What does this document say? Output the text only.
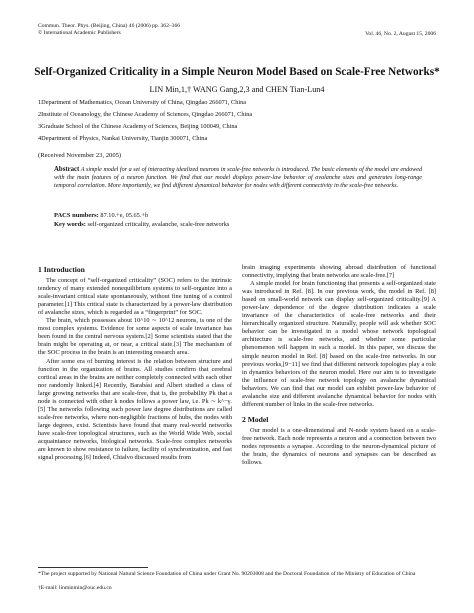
Commun. Theor. Phys. (Beijing, China) 46 (2006) pp. 362–366
© International Academic Publishers	Vol. 46, No. 2, August 15, 2006
Self-Organized Criticality in a Simple Neuron Model Based on Scale-Free Networks*
LIN Min,1,† WANG Gang,2,3 and CHEN Tian-Lun4
1Department of Mathematics, Ocean University of China, Qingdao 266071, China
2Institute of Oceanology, the Chinese Academy of Sciences, Qingdao 266071, China
3Graduate School of the Chinese Academy of Sciences, Beijing 100049, China
4Department of Physics, Nankai University, Tianjin 300071, China
(Received November 23, 2005)
Abstract A simple model for a set of interacting idealized neurons in scale-free networks is introduced. The basic elements of the model are endowed with the main features of a neuron function. We find that our model displays power-law behavior of avalanche sizes and generates long-range temporal correlation. More importantly, we find different dynamical behavior for nodes with different connectivity in the scale-free networks.
PACS numbers: 87.10.+e, 05.65.+b
Key words: self-organized criticality, avalanche, scale-free networks
1 Introduction

The concept of “self-organized criticality” (SOC) refers to the intrinsic tendency of many extended nonequilibrium systems to self-organize into a scale-invariant critical state spontaneously, without fine tuning of a control parameter.[1] This critical state is characterized by a power-law distribution of avalanche sizes, which is regarded as a “fingerprint” for SOC.

The brain, which possesses about 10^10 ∼ 10^12 neurons, is one of the most complex systems. Evidence for some aspects of scale invariance has been found in the central nervous system.[2] Some scientists stated that the brain might be operating at, or near, a critical state.[3] The mechanism of the SOC process in the brain is an interesting research area.

After some era of burning interest is the relation between structure and function in the organization of brains. All studies confirm that cerebral cortical areas in the brains are neither completely connected with each other nor randomly linked.[4] Recently, Barabási and Albert studied a class of large growing networks that are scale-free, that is, the probability Pk that a node is connected with other k nodes follows a power law, i.e. Pk ∼ k^−γ.[5] The networks following such power law degree distributions are called scale-free networks, where non-negligible fractions of hubs, the nodes with large degrees, exist. Scientists have found that many real-world networks have scale-free topological structures, such as the World Wide Web, social acquaintance networks, biological networks. Scale-free complex networks are known to show resistance to failure, facility of synchronization, and fast signal processing.[6] Indeed, Chialvo discussed results from

brain imaging experiments showing abroad distribution of functional connectivity, implying that brain networks are scale-free.[7]

A simple model for brain functioning that presents a self-organized state was introduced in Ref. [8]. In our previous work, the model in Ref. [8] based on small-world network can display self-organized criticality.[9] A power-law dependence of the degree distribution indicates a scale invariance of the characteristics of scale-free networks and their hierarchically organized structure. Naturally, people will ask whether SOC behavior can be investigated in a model whose network topological architecture is scale-free networks, and whether some particular phenomenon will happen in such a model. In this paper, we discuss the simple neuron model in Ref. [8] based on the scale-free networks. In our previous works,[9−11] we find that different network topologies play a role in dynamics behaviors of the neuron model. Here our aim is to investigate the influence of scale-free network topology on avalanche dynamical behaviors. We can find that our model can exhibit power-law behavior of avalanche size and different avalanche dynamical behavior for nodes with different number of links in the scale-free networks.

2 Model

Our model is a one-dimensional and N-node system based on a scale-free network. Each node represents a neuron and a connection between two nodes represents a synapse. According to the neuron-dynamical picture of the brain, the dynamics of neurons and synapses can be described as follows.

*The project supported by National Natural Science Foundation of China under Grant No. 90203008 and the Doctoral Foundation of the Ministry of Education of China
†E-mail: linminmin@ouc.edu.cn
